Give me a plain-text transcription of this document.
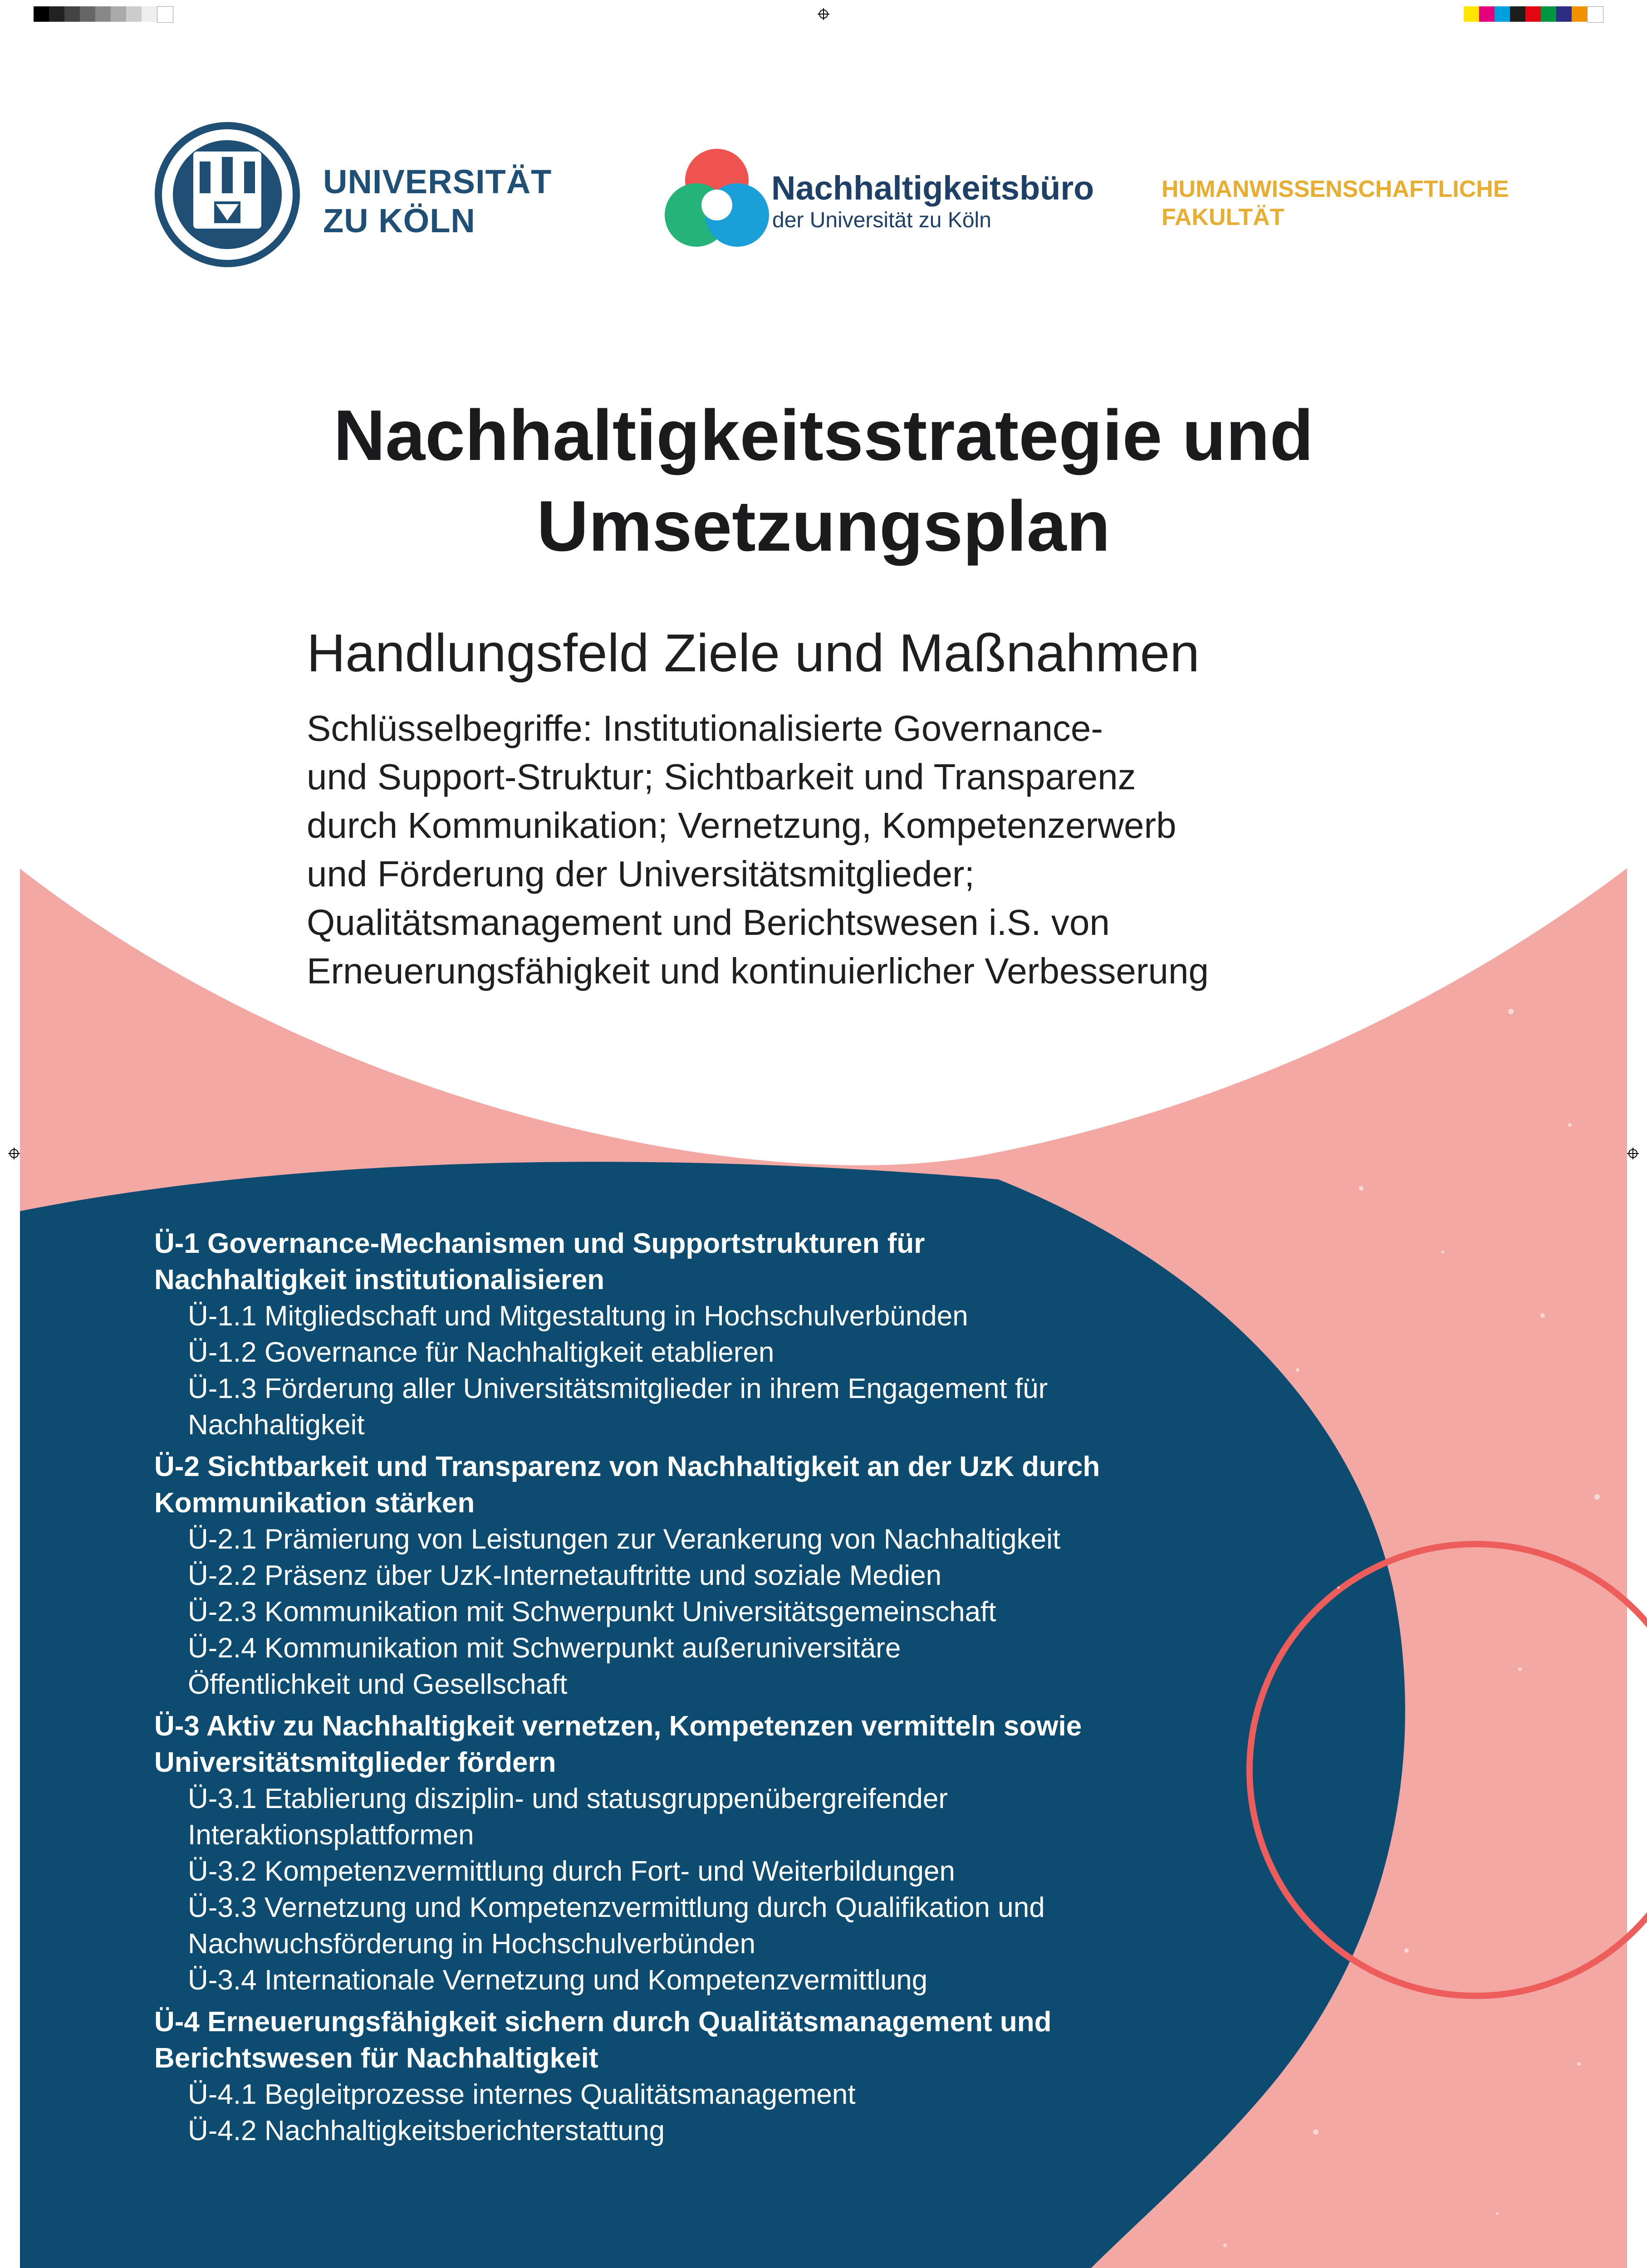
UNIVERSITÄT
ZU KÖLN
Nachhaltigkeitsbüro
der Universität zu Köln
HUMANWISSENSCHAFTLICHE
FAKULTÄT
Nachhaltigkeitsstrategie und
Umsetzungsplan
Handlungsfeld Ziele und Maßnahmen
Schlüsselbegriffe: Institutionalisierte Governance-
und Support-Struktur; Sichtbarkeit und Transparenz
durch Kommunikation; Vernetzung, Kompetenzerwerb
und Förderung der Universitätsmitglieder;
Qualitätsmanagement und Berichtswesen i.S. von
Erneuerungsfähigkeit und kontinuierlicher Verbesserung
Ü-1 Governance-Mechanismen und Supportstrukturen für
Nachhaltigkeit institutionalisieren
Ü-1.1 Mitgliedschaft und Mitgestaltung in Hochschulverbünden
Ü-1.2 Governance für Nachhaltigkeit etablieren
Ü-1.3 Förderung aller Universitätsmitglieder in ihrem Engagement für
Nachhaltigkeit
Ü-2 Sichtbarkeit und Transparenz von Nachhaltigkeit an der UzK durch
Kommunikation stärken
Ü-2.1 Prämierung von Leistungen zur Verankerung von Nachhaltigkeit
Ü-2.2 Präsenz über UzK-Internetauftritte und soziale Medien
Ü-2.3 Kommunikation mit Schwerpunkt Universitätsgemeinschaft
Ü-2.4 Kommunikation mit Schwerpunkt außeruniversitäre
Öffentlichkeit und Gesellschaft
Ü-3 Aktiv zu Nachhaltigkeit vernetzen, Kompetenzen vermitteln sowie
Universitätsmitglieder fördern
Ü-3.1 Etablierung disziplin- und statusgruppenübergreifender
Interaktionsplattformen
Ü-3.2 Kompetenzvermittlung durch Fort- und Weiterbildungen
Ü-3.3 Vernetzung und Kompetenzvermittlung durch Qualifikation und
Nachwuchsförderung in Hochschulverbünden
Ü-3.4 Internationale Vernetzung und Kompetenzvermittlung
Ü-4 Erneuerungsfähigkeit sichern durch Qualitätsmanagement und
Berichtswesen für Nachhaltigkeit
Ü-4.1 Begleitprozesse internes Qualitätsmanagement
Ü-4.2 Nachhaltigkeitsberichterstattung
